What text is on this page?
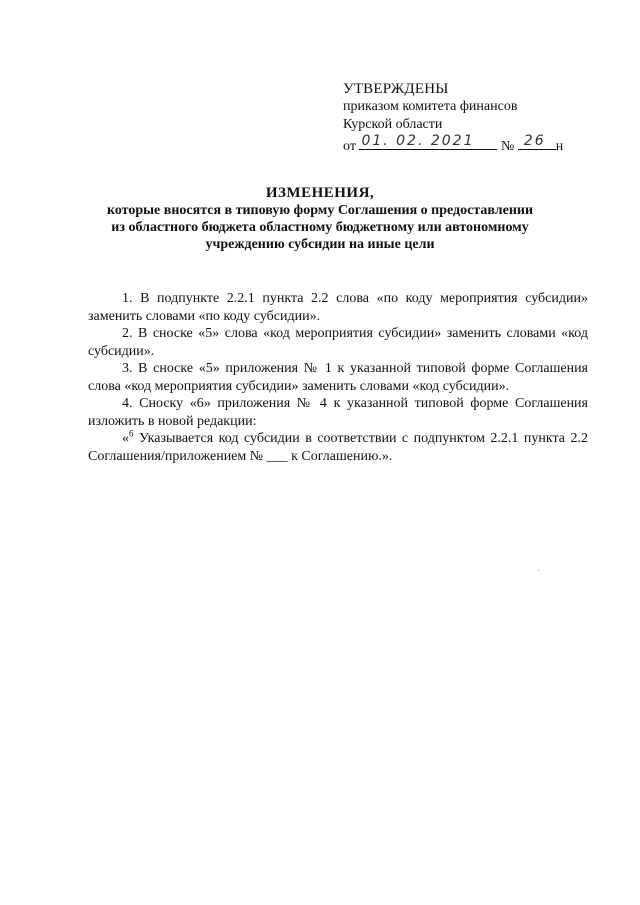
УТВЕРЖДЕНЫ
приказом комитета финансов
Курской области
от 01. 02. 2021 № 26 н
ИЗМЕНЕНИЯ,
которые вносятся в типовую форму Соглашения о предоставлении
из областного бюджета областному бюджетному или автономному
учреждению субсидии на иные цели

1. В подпункте 2.2.1 пункта 2.2 слова «по коду мероприятия субсидии» заменить словами «по коду субсидии».

2. В сноске «5» слова «код мероприятия субсидии» заменить словами «код субсидии».

3. В сноске «5» приложения № 1 к указанной типовой форме Соглашения слова «код мероприятия субсидии» заменить словами «код субсидии».

4. Сноску «6» приложения № 4 к указанной типовой форме Соглашения изложить в новой редакции:

«$^6$ Указывается код субсидии в соответствии с подпунктом 2.2.1 пункта 2.2 Соглашения/приложением № ___ к Соглашению.».
